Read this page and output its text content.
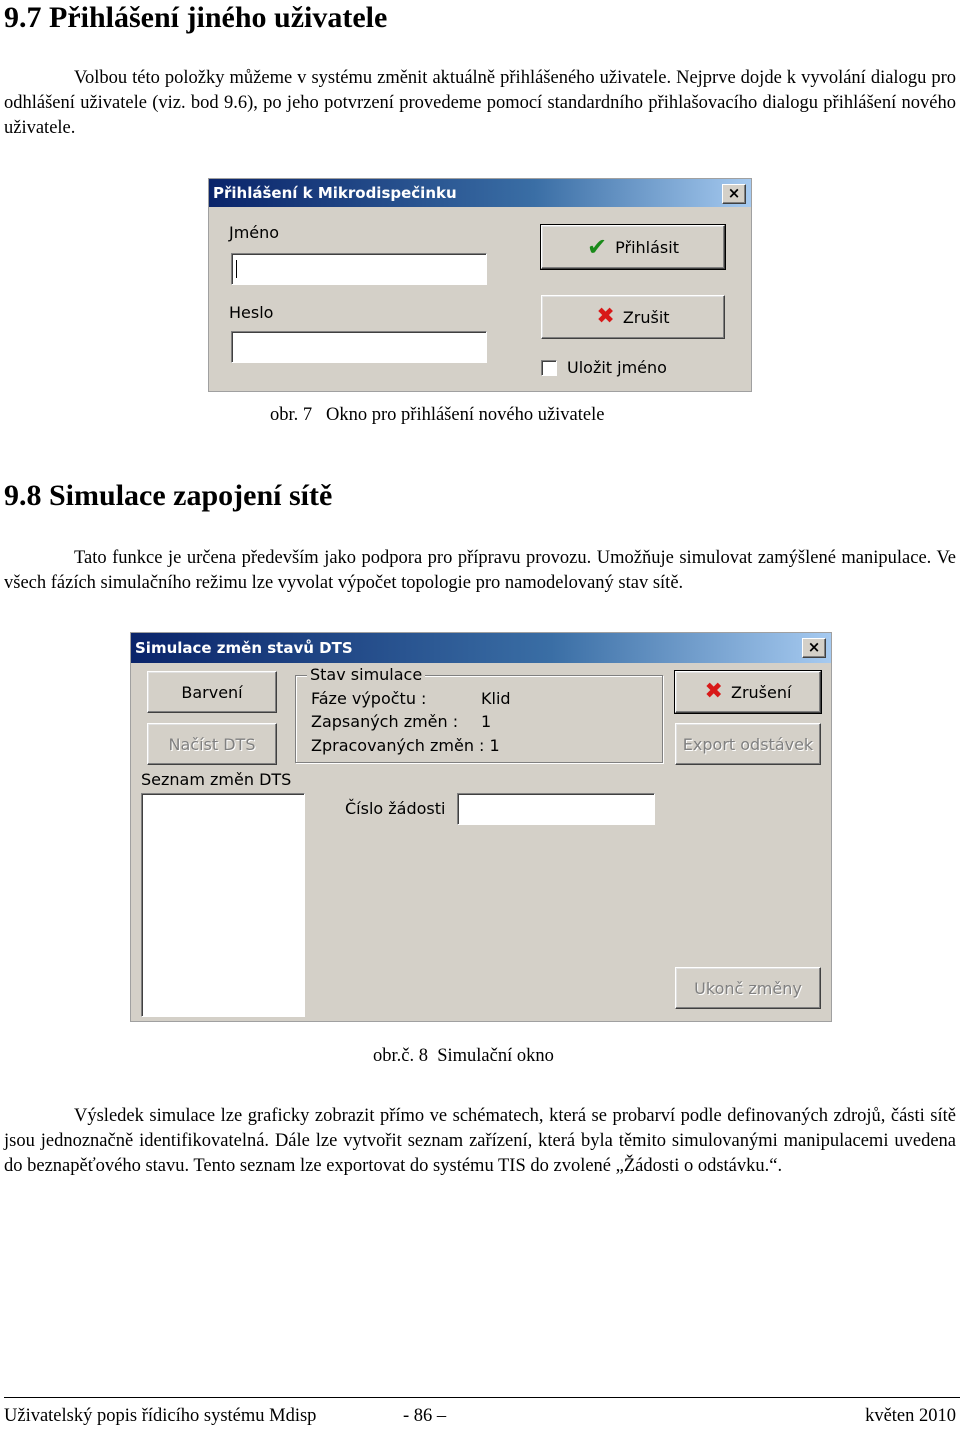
9.7 Přihlášení jiného uživatele

Volbou této položky můžeme v systému změnit aktuálně přihlášeného uživatele. Nejprve dojde k vyvolání dialogu pro odhlášení uživatele (viz. bod 9.6), po jeho potvrzení provedeme pomocí standardního přihlašovacího dialogu přihlášení nového uživatele.

Přihlášení k Mikrodispečinku	×
Jméno
Heslo
✔ Přihlásit
✖ Zrušit
Uložit jméno
obr. 7   Okno pro přihlášení nového uživatele
9.8 Simulace zapojení sítě

Tato funkce je určena především jako podpora pro přípravu provozu. Umožňuje simulovat zamýšlené manipulace. Ve všech fázích simulačního režimu lze vyvolat výpočet topologie pro namodelovaný stav sítě.

Simulace změn stavů DTS	×
Barvení
Načíst DTS
Stav simulace
Fáze výpočtu :	Klid
Zapsaných změn : 1
Zpracovaných změn : 1
✖ Zrušení
Export odstávek
Seznam změn DTS
Číslo žádosti
Ukonč změny
obr.č. 8  Simulační okno

Výsledek simulace lze graficky zobrazit přímo ve schématech, která se probarví podle definovaných zdrojů, části sítě jsou jednoznačně identifikovatelná. Dále lze vytvořit seznam zařízení, která byla těmito simulovanými manipulacemi uvedena do beznapěťového stavu. Tento seznam lze exportovat do systému TIS do zvolené „Žádosti o odstávku.“.

Uživatelský popis řídicího systému Mdisp	- 86 –	květen 2010
